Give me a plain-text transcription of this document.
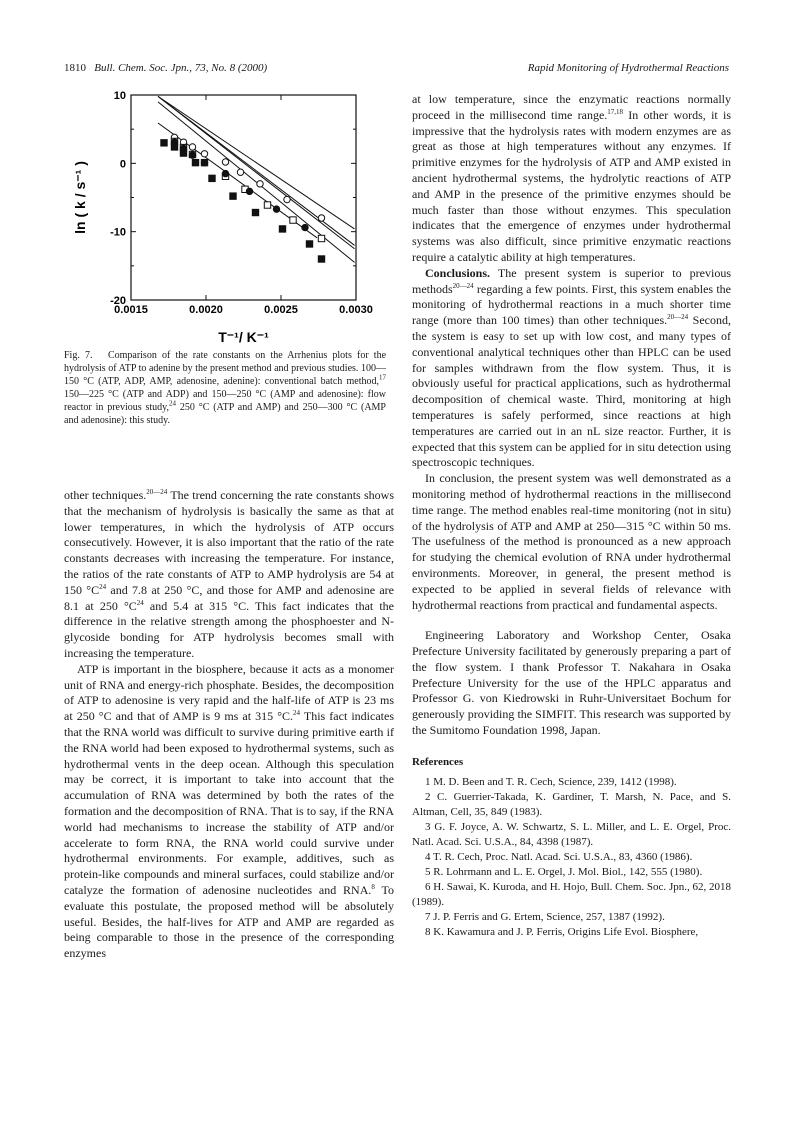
1810 Bull. Chem. Soc. Jpn., 73, No. 8 (2000)	Rapid Monitoring of Hydrothermal Reactions
0.0015	0.0020	0.0025	0.0030
10
0
-10
-20
T⁻¹/ K⁻¹
ln ( k / s⁻¹ )
Fig. 7. Comparison of the rate constants on the Arrhenius plots for the hydrolysis of ATP to adenine by the present method and previous studies. 100—150 °C (ATP, ADP, AMP, adenosine, adenine): conventional batch method,$^{17}$ 150—225 °C (ATP and ADP) and 150—250 °C (AMP and adenosine): flow reactor in previous study,$^{24}$ 250 °C (ATP and AMP) and 250—300 °C (AMP and adenosine): this study.

other techniques.$^{20—24}$ The trend concerning the rate constants shows that the mechanism of hydrolysis is basically the same as that at lower temperatures, in which the hydrolysis of ATP occurs consecutively. However, it is also important that the ratio of the rate constants decreases with increasing the temperature. For instance, the ratios of the rate constants of ATP to AMP hydrolysis are 54 at 150 $^\circ C^{24}$ and 7.8 at 250 °C, and those for AMP and adenosine are 8.1 at 250 $^\circ C^{24}$ and 5.4 at 315 °C. This fact indicates that the difference in the relative strength among the phosphoester and N-glycoside bonding for ATP hydrolysis becomes small with increasing the temperature.

ATP is important in the biosphere, because it acts as a monomer unit of RNA and energy-rich phosphate. Besides, the decomposition of ATP to adenosine is very rapid and the half-life of ATP is 23 ms at 250 °C and that of AMP is 9 ms at 315 °C.$^{24}$ This fact indicates that the RNA world was difficult to survive during primitive earth if the RNA world had been exposed to hydrothermal systems, such as hydrothermal vents in the deep ocean. Although this speculation may be correct, it is important to take into account that the accumulation of RNA was determined by both the rates of the formation and the decomposition of RNA. That is to say, if the RNA world had mechanisms to increase the stability of ATP and/or accelerate to form RNA, the RNA world could survive under hydrothermal environments. For example, additives, such as protein-like compounds and mineral surfaces, could stabilize and/or catalyze the formation of adenosine nucleotides and RNA.$^8$ To evaluate this postulate, the proposed method will be absolutely useful. Besides, the half-lives for ATP and AMP are regarded as being comparable to those in the presence of the corresponding enzymes

at low temperature, since the enzymatic reactions normally proceed in the millisecond time range.$^{17,18}$ In other words, it is impressive that the hydrolysis rates with modern enzymes are as great as those at high temperatures without any enzymes. If primitive enzymes for the hydrolysis of ATP and AMP existed in ancient hydrothermal systems, the hydrolytic reactions of ATP and AMP in the presence of the primitive enzymes should be much faster than those without enzymes. This speculation indicates that the emergence of enzymes under hydrothermal systems was also difficult, since primitive enzymatic reactions require a catalytic ability at high temperatures.

Conclusions. The present system is superior to previous methods$^{20—24}$ regarding a few points. First, this system enables the monitoring of hydrothermal reactions in a much shorter time range (more than 100 times) than other techniques.$^{20—24}$ Second, the system is easy to set up with low cost, and many types of conventional analytical techniques other than HPLC can be used for samples withdrawn from the flow system. Thus, it is obviously useful for practical applications, such as hydrothermal decomposition of chemical waste. Third, monitoring at high temperatures is safely performed, since reactions at high temperatures are carried out in an nL size reactor. Further, it is expected that this system can be applied for in situ detection using spectroscopic techniques.

In conclusion, the present system was well demonstrated as a monitoring method of hydrothermal reactions in the millisecond time range. The method enables real-time monitoring (not in situ) of the hydrolysis of ATP and AMP at 250—315 °C within 50 ms. The usefulness of the method is pronounced as a new approach for studying the chemical evolution of RNA under hydrothermal environments. Moreover, in general, the present method is expected to be applied in several fields of relevance with hydrothermal reactions from practical and fundamental aspects.

Engineering Laboratory and Workshop Center, Osaka Prefecture University facilitated by generously preparing a part of the flow system. I thank Professor T. Nakahara in Osaka Prefecture University for the use of the HPLC apparatus and Professor G. von Kiedrowski in Ruhr-Universitaet Bochum for generously providing the SIMFIT. This research was supported by the Sumitomo Foundation 1998, Japan.

References
1 M. D. Been and T. R. Cech, Science, 239, 1412 (1998).
2 C. Guerrier-Takada, K. Gardiner, T. Marsh, N. Pace, and S. Altman, Cell, 35, 849 (1983).
3 G. F. Joyce, A. W. Schwartz, S. L. Miller, and L. E. Orgel, Proc. Natl. Acad. Sci. U.S.A., 84, 4398 (1987).
4 T. R. Cech, Proc. Natl. Acad. Sci. U.S.A., 83, 4360 (1986).
5 R. Lohrmann and L. E. Orgel, J. Mol. Biol., 142, 555 (1980).
6 H. Sawai, K. Kuroda, and H. Hojo, Bull. Chem. Soc. Jpn., 62, 2018 (1989).
7 J. P. Ferris and G. Ertem, Science, 257, 1387 (1992).
8 K. Kawamura and J. P. Ferris, Origins Life Evol. Biosphere,
